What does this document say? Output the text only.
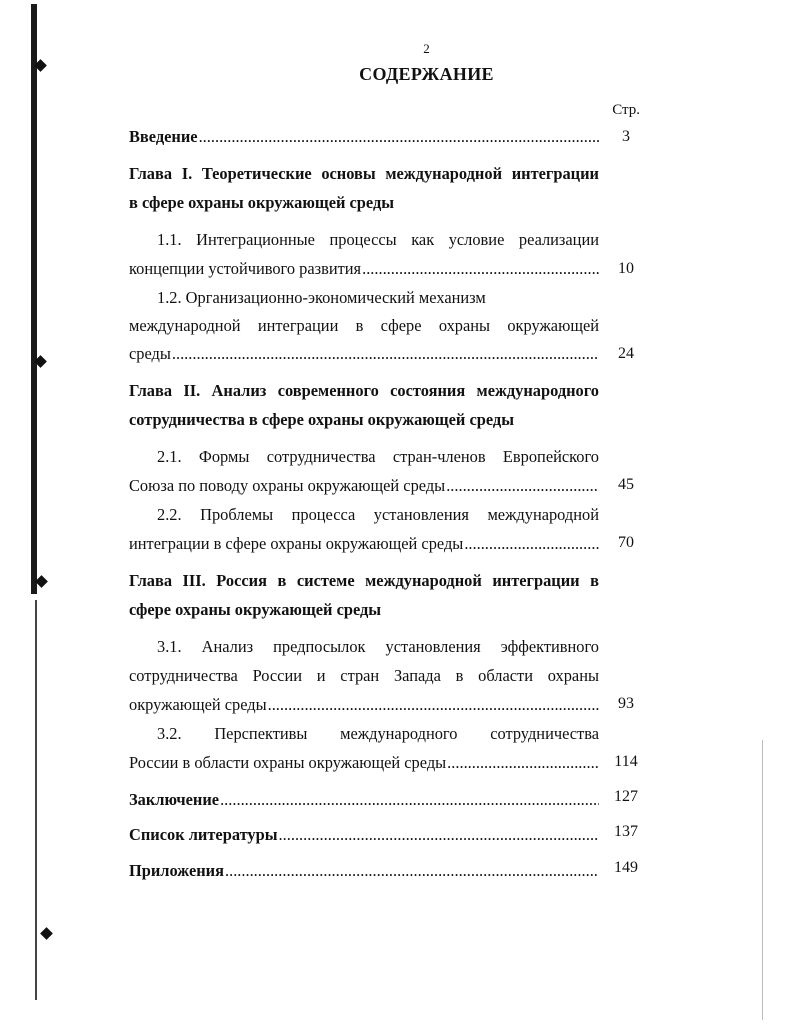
2
СОДЕРЖАНИЕ
Стр.
Введение .....	3
Глава I. Теоретические основы международной интеграции
в сфере охраны окружающей среды
1.1. Интеграционные процессы как условие реализации
концепции устойчивого развития .....	10
1.2. Организационно-экономический механизм
международной интеграции в сфере охраны окружающей
среды .....	24
Глава II. Анализ современного состояния международного
сотрудничества в сфере охраны окружающей среды
2.1. Формы сотрудничества стран-членов Европейского
Союза по поводу охраны окружающей среды .....	45
2.2. Проблемы процесса установления международной
интеграции в сфере охраны окружающей среды .....	70
Глава III. Россия в системе международной интеграции в
сфере охраны окружающей среды
3.1. Анализ предпосылок установления эффективного
сотрудничества России и стран Запада в области охраны
окружающей среды .....	93
3.2. Перспективы международного сотрудничества
России в области охраны окружающей среды .....	114
Заключение .....	127
Список литературы .....	137
Приложения .....	149
